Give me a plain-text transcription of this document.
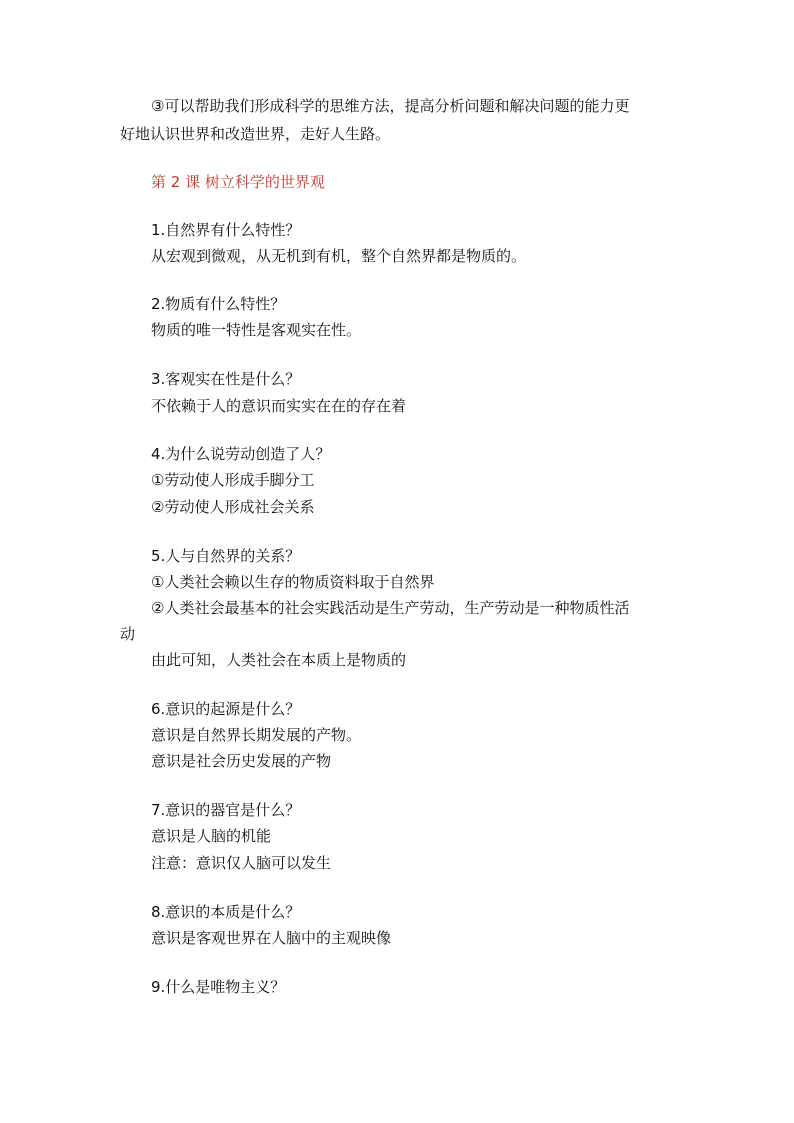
③可以帮助我们形成科学的思维方法，提高分析问题和解决问题的能力更
好地认识世界和改造世界，走好人生路。
第 2 课 树立科学的世界观
1.自然界有什么特性？
从宏观到微观，从无机到有机，整个自然界都是物质的。
2.物质有什么特性？
物质的唯一特性是客观实在性。
3.客观实在性是什么？
不依赖于人的意识而实实在在的存在着
4.为什么说劳动创造了人？
①劳动使人形成手脚分工
②劳动使人形成社会关系
5.人与自然界的关系？
①人类社会赖以生存的物质资料取于自然界
②人类社会最基本的社会实践活动是生产劳动，生产劳动是一种物质性活
动
由此可知，人类社会在本质上是物质的
6.意识的起源是什么？
意识是自然界长期发展的产物。
意识是社会历史发展的产物
7.意识的器官是什么？
意识是人脑的机能
注意：意识仅人脑可以发生
8.意识的本质是什么？
意识是客观世界在人脑中的主观映像
9.什么是唯物主义？
